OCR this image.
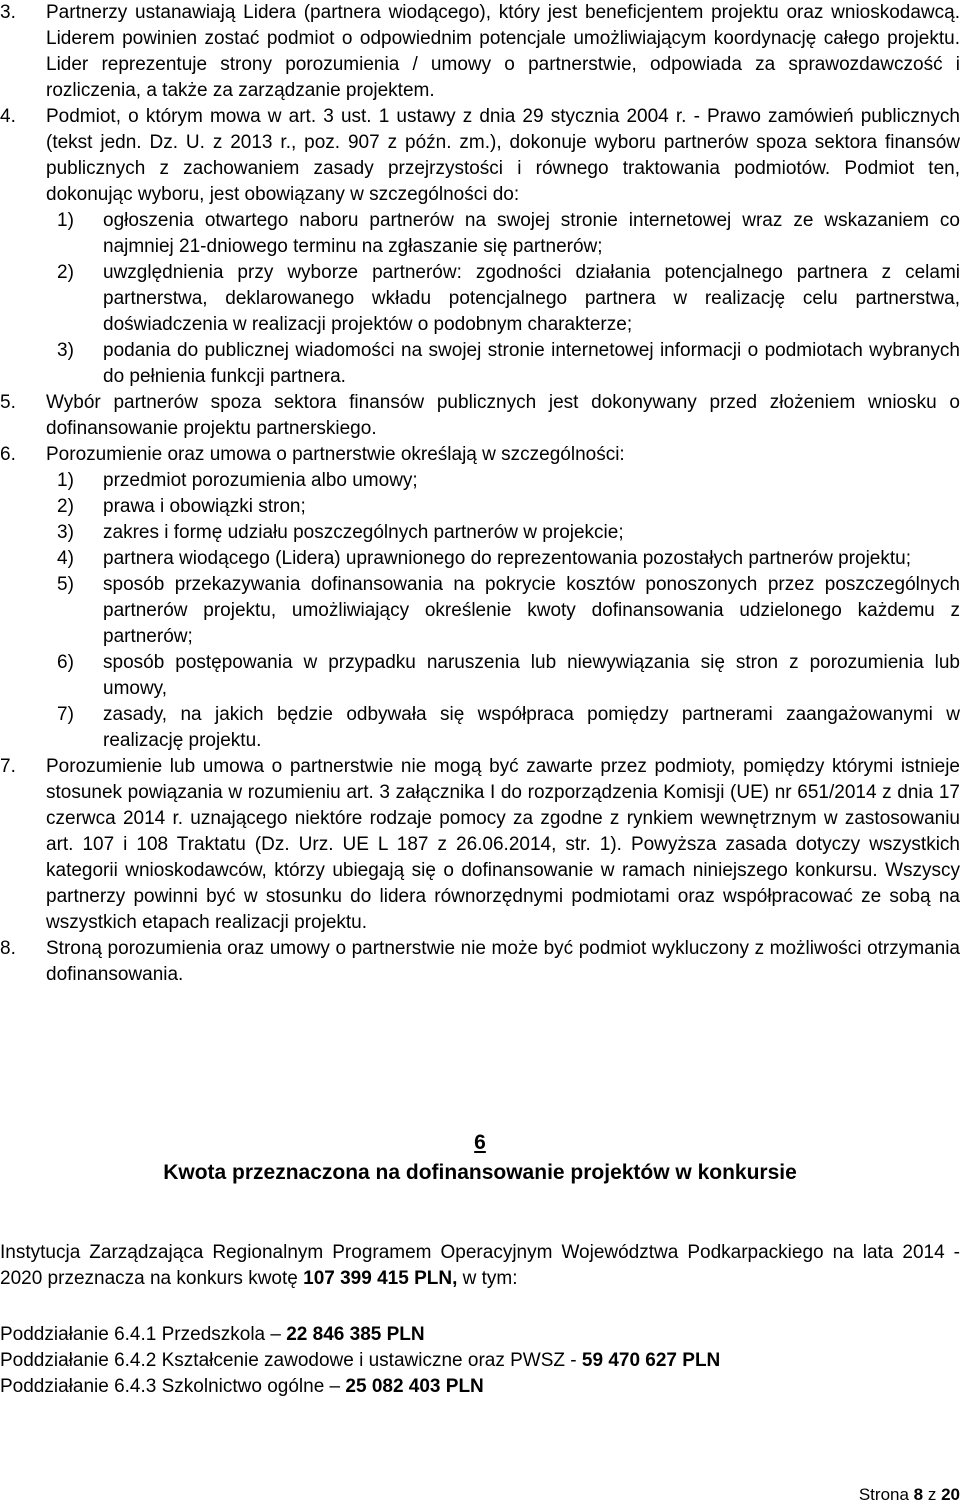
3. Partnerzy ustanawiają Lidera (partnera wiodącego), który jest beneficjentem projektu oraz wnioskodawcą. Liderem powinien zostać podmiot o odpowiednim potencjale umożliwiającym koordynację całego projektu. Lider reprezentuje strony porozumienia / umowy o partnerstwie, odpowiada za sprawozdawczość i rozliczenia, a także za zarządzanie projektem.

4. Podmiot, o którym mowa w art. 3 ust. 1 ustawy z dnia 29 stycznia 2004 r. - Prawo zamówień publicznych (tekst jedn. Dz. U. z 2013 r., poz. 907 z późn. zm.), dokonuje wyboru partnerów spoza sektora finansów publicznych z zachowaniem zasady przejrzystości i równego traktowania podmiotów. Podmiot ten, dokonując wyboru, jest obowiązany w szczególności do:

1) ogłoszenia otwartego naboru partnerów na swojej stronie internetowej wraz ze wskazaniem co najmniej 21-dniowego terminu na zgłaszanie się partnerów;

2) uwzględnienia przy wyborze partnerów: zgodności działania potencjalnego partnera z celami partnerstwa, deklarowanego wkładu potencjalnego partnera w realizację celu partnerstwa, doświadczenia w realizacji projektów o podobnym charakterze;

3) podania do publicznej wiadomości na swojej stronie internetowej informacji o podmiotach wybranych do pełnienia funkcji partnera.

5. Wybór partnerów spoza sektora finansów publicznych jest dokonywany przed złożeniem wniosku o dofinansowanie projektu partnerskiego.

6. Porozumienie oraz umowa o partnerstwie określają w szczególności:

1) przedmiot porozumienia albo umowy;

2) prawa i obowiązki stron;

3) zakres i formę udziału poszczególnych partnerów w projekcie;

4) partnera wiodącego (Lidera) uprawnionego do reprezentowania pozostałych partnerów projektu;

5) sposób przekazywania dofinansowania na pokrycie kosztów ponoszonych przez poszczególnych partnerów projektu, umożliwiający określenie kwoty dofinansowania udzielonego każdemu z partnerów;

6) sposób postępowania w przypadku naruszenia lub niewywiązania się stron z porozumienia lub umowy,

7) zasady, na jakich będzie odbywała się współpraca pomiędzy partnerami zaangażowanymi w realizację projektu.

7. Porozumienie lub umowa o partnerstwie nie mogą być zawarte przez podmioty, pomiędzy którymi istnieje stosunek powiązania w rozumieniu art. 3 załącznika I do rozporządzenia Komisji (UE) nr 651/2014 z dnia 17 czerwca 2014 r. uznającego niektóre rodzaje pomocy za zgodne z rynkiem wewnętrznym w zastosowaniu art. 107 i 108 Traktatu (Dz. Urz. UE L 187 z 26.06.2014, str. 1). Powyższa zasada dotyczy wszystkich kategorii wnioskodawców, którzy ubiegają się o dofinansowanie w ramach niniejszego konkursu. Wszyscy partnerzy powinni być w stosunku do lidera równorzędnymi podmiotami oraz współpracować ze sobą na wszystkich etapach realizacji projektu.

8. Stroną porozumienia oraz umowy o partnerstwie nie może być podmiot wykluczony z możliwości otrzymania dofinansowania.

6

Kwota przeznaczona na dofinansowanie projektów w konkursie

Instytucja Zarządzająca Regionalnym Programem Operacyjnym Województwa Podkarpackiego na lata 2014 - 2020 przeznacza na konkurs kwotę 107 399 415 PLN, w tym:

Poddziałanie 6.4.1 Przedszkola – 22 846 385 PLN

Poddziałanie 6.4.2 Kształcenie zawodowe i ustawiczne oraz PWSZ - 59 470 627 PLN

Poddziałanie 6.4.3 Szkolnictwo ogólne – 25 082 403 PLN

Strona 8 z 20
